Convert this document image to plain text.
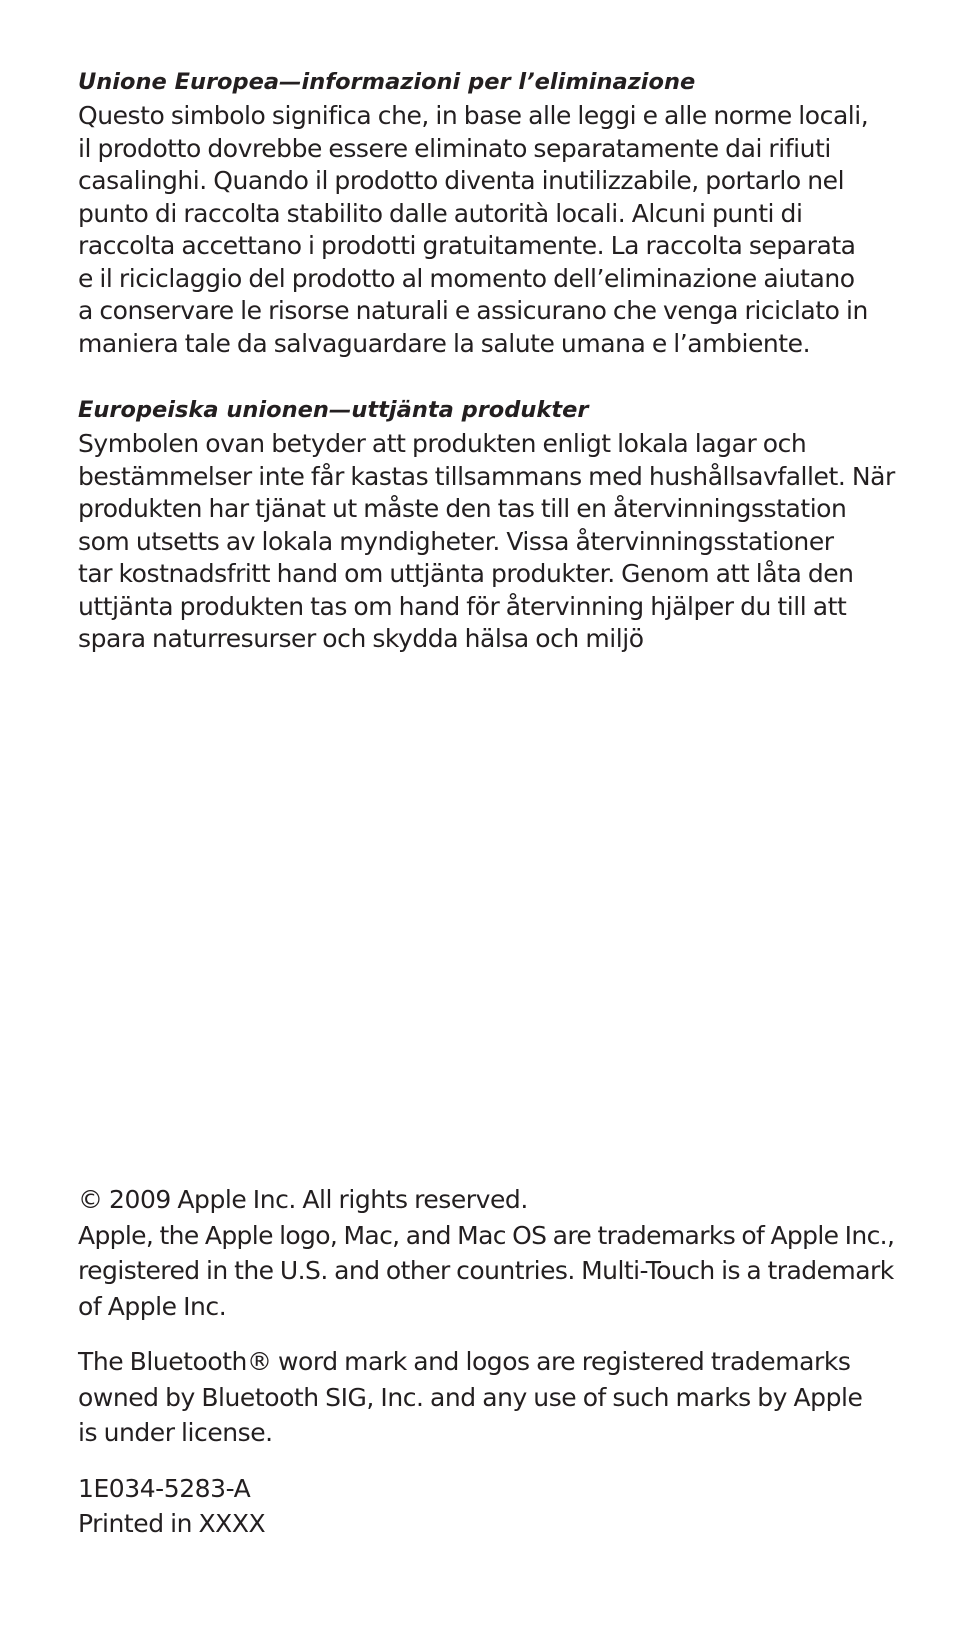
Unione Europea—informazioni per l’eliminazione
Questo simbolo significa che, in base alle leggi e alle norme locali,
il prodotto dovrebbe essere eliminato separatamente dai rifiuti
casalinghi. Quando il prodotto diventa inutilizzabile, portarlo nel
punto di raccolta stabilito dalle autorità locali. Alcuni punti di
raccolta accettano i prodotti gratuitamente. La raccolta separata
e il riciclaggio del prodotto al momento dell’eliminazione aiutano
a conservare le risorse naturali e assicurano che venga riciclato in
maniera tale da salvaguardare la salute umana e l’ambiente.
Europeiska unionen—uttjänta produkter
Symbolen ovan betyder att produkten enligt lokala lagar och
bestämmelser inte får kastas tillsammans med hushållsavfallet. När
produkten har tjänat ut måste den tas till en återvinningsstation
som utsetts av lokala myndigheter. Vissa återvinningsstationer
tar kostnadsfritt hand om uttjänta produkter. Genom att låta den
uttjänta produkten tas om hand för återvinning hjälper du till att
spara naturresurser och skydda hälsa och miljö
© 2009 Apple Inc. All rights reserved.
Apple, the Apple logo, Mac, and Mac OS are trademarks of Apple Inc.,
registered in the U.S. and other countries. Multi-Touch is a trademark
of Apple Inc.
The Bluetooth® word mark and logos are registered trademarks
owned by Bluetooth SIG, Inc. and any use of such marks by Apple
is under license.
1E034-5283-A
Printed in XXXX
